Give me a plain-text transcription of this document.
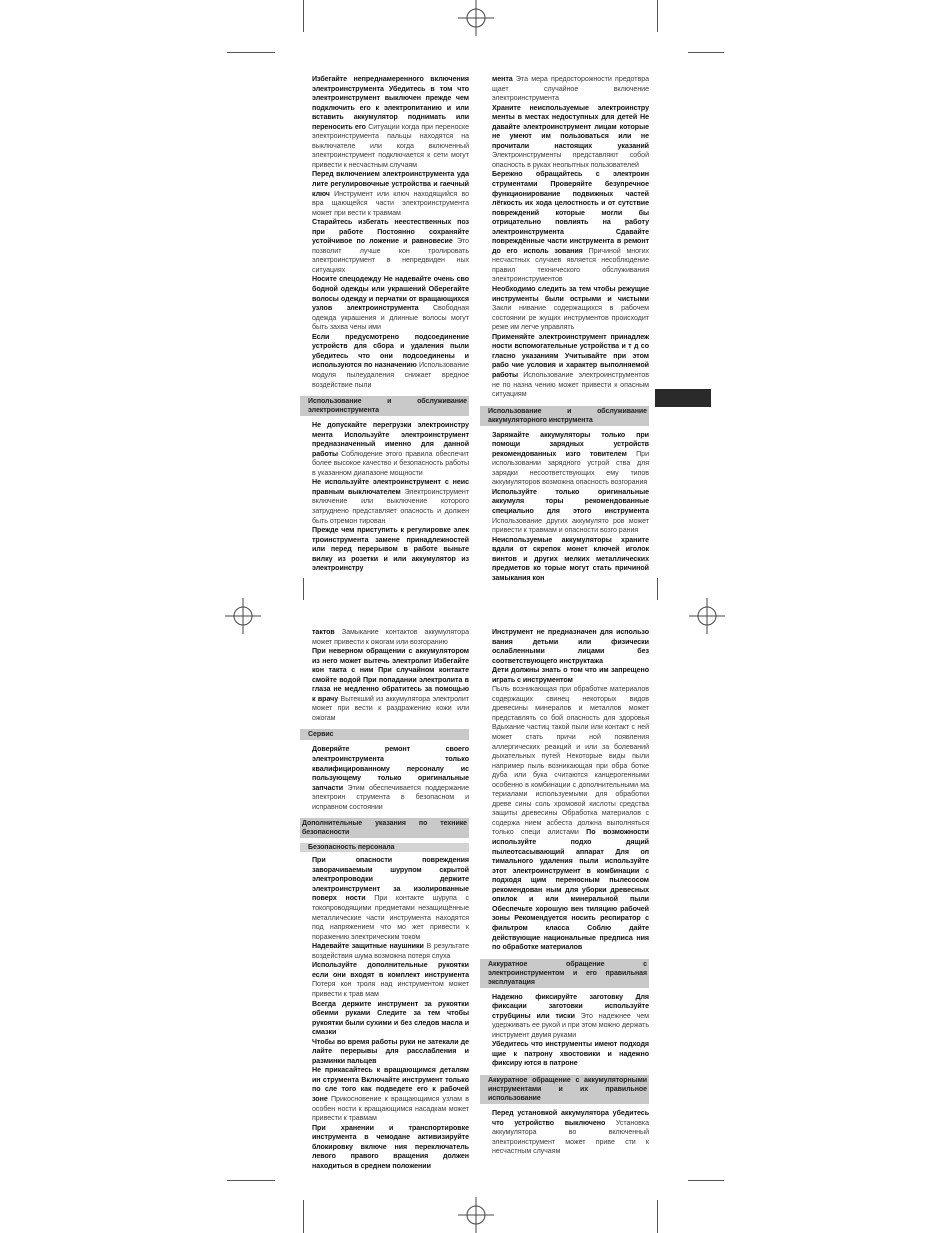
Избегайте непреднамеренного включения электроинструмента Убедитесь в том что электроинструмент выключен прежде чем подключить его к электропитанию и или вставить аккумулятор поднимать или переносить его Ситуации когда при переноске электроинструмента пальцы находятся на выключателе или когда включенный электроинструмент подключается к сети могут привести к несчастным случаям

Перед включением электроинструмента уда лите регулировочные устройства и гаечный ключ Инструмент или ключ находящийся во вра щающейся части электроинструмента может при вести к травмам

Старайтесь избегать неестественных поз при работе Постоянно сохраняйте устойчивое по ложение и равновесие Это позволит лучше кон тролировать электроинструмент в непредвиден ных ситуациях

Носите спецодежду Не надевайте очень сво бодной одежды или украшений Оберегайте волосы одежду и перчатки от вращающихся узлов электроинструмента Свободная одежда украшения и длинные волосы могут быть захва чены ими

Если предусмотрено подсоединение устройств для сбора и удаления пыли убедитесь что они подсоединены и используются по назначению Использование модуля пылеудаления снижает вредное воздействие пыли

Использование и обслуживание электроинструмента

Не допускайте перегрузки электроинстру мента Используйте электроинструмент предназначенный именно для данной работы Соблюдение этого правила обеспечит более высокое качество и безопасность работы в указанном диапазоне мощности

Не используйте электроинструмент с неис правным выключателем Электроинструмент включение или выключение которого затруднено представляет опасность и должен быть отремон тирован

Прежде чем приступить к регулировке элек троинструмента замене принадлежностей или перед перерывом в работе выньте вилку из розетки и или аккумулятор из электроинстру

мента Эта мера предосторожности предотвра щает случайное включение электроинструмента

Храните неиспользуемые электроинстру менты в местах недоступных для детей Не давайте электроинструмент лицам которые не умеют им пользоваться или не прочитали настоящих указаний Электроинструменты представляют собой опасность в руках неопытных пользователей

Бережно обращайтесь с электроин струментами Проверяйте безупречное функционирование подвижных частей лёгкость их хода целостность и от сутствие повреждений которые могли бы отрицательно повлиять на работу электроинструмента Сдавайте повреждённые части инструмента в ремонт до его исполь зования Причиной многих несчастных случаев является несоблюдение правил технического обслуживания электроинструментов

Необходимо следить за тем чтобы режущие инструменты были острыми и чистыми Закли нивание содержащихся в рабочем состоянии ре жущих инструментов происходит реже им легче управлять

Применяйте электроинструмент принадлеж ности вспомогательные устройства и т д со гласно указаниям Учитывайте при этом рабо чие условия и характер выполняемой работы Использование электроинструментов не по назна чению может привести к опасным ситуациям

Использование и обслуживание аккумуляторного инструмента

Заряжайте аккумуляторы только при помощи зарядных устройств рекомендованных изго товителем При использовании зарядного устрой ства для зарядки несоответствующих ему типов аккумуляторов возможна опасность возгорания

Используйте только оригинальные аккумуля торы рекомендованные специально для этого инструмента Использование других аккумулято ров может привести к травмам и опасности возго рания

Неиспользуемые аккумуляторы храните вдали от скрепок монет ключей иголок винтов и других мелких металлических предметов ко торые могут стать причиной замыкания кон

тактов Замыкание контактов аккумулятора может привести к ожогам или возгоранию

При неверном обращении с аккумулятором из него может вытечь электролит Избегайте кон такта с ним При случайном контакте смойте водой При попадании электролита в глаза не медленно обратитесь за помощью к врачу Вытекший из аккумулятора электролит может при вести к раздражению кожи или ожогам

Сервис

Доверяйте ремонт своего электроинструмента только квалифицированному персоналу ис пользующему только оригинальные запчасти Этим обеспечивается поддержание электроин струмента в безопасном и исправном состоянии

Дополнительные указания по технике безопасности
Безопасность персонала

При опасности повреждения заворачиваемым шурупом скрытой электропроводки держите электроинструмент за изолированные поверх ности При контакте шурупа с токопроводящими предметами незащищённые металлические части инструмента находятся под напряжением что мо жет привести к поражению электрическим током

Надевайте защитные наушники В результате воздействия шума возможна потеря слуха

Используйте дополнительные рукоятки если они входят в комплект инструмента Потеря кон троля над инструментом может привести к трав мам

Всегда держите инструмент за рукоятки обеими руками Следите за тем чтобы рукоятки были сухими и без следов масла и смазки

Чтобы во время работы руки не затекали де лайте перерывы для расслабления и разминки пальцев

Не прикасайтесь к вращающимся деталям ин струмента Включайте инструмент только по сле того как подведете его к рабочей зоне Прикосновение к вращающимся узлам в особен ности к вращающимся насадкам может привести к травмам

При хранении и транспортировке инструмента в чемодане активизируйте блокировку включе ния переключатель левого правого вращения должен находиться в среднем положении

Инструмент не предназначен для использо вания детьми или физически ослабленными лицами без соответствующего инструктажа

Дети должны знать о том что им запрещено играть с инструментом

Пыль возникающая при обработке материалов содержащих свинец некоторых видов древесины минералов и металлов может представлять со бой опасность для здоровья Вдыхание частиц такой пыли или контакт с ней может стать причи ной появления аллергических реакций и или за болеваний дыхательных путей Некоторые виды пыли например пыль возникающая при обра ботке дуба или бука считаются канцерогенными особенно в комбинации с дополнительными ма териалами используемыми для обработки древе сины соль хромовой кислоты средства защиты древесины Обработка материалов с содержа нием асбеста должна выполняться только специ алистами По возможности используйте подхо дящий пылеотсасывающий аппарат Для оп тимального удаления пыли используйте этот электроинструмент в комбинации с подходя щим переносным пылесосом рекомендован ным для уборки древесных опилок и или минеральной пыли Обеспечьте хорошую вен тиляцию рабочей зоны Рекомендуется носить респиратор с фильтром класса Соблю дайте действующие национальные предписа ния по обработке материалов

Аккуратное обращение с электроинструментом и его правильная эксплуатация

Надежно фиксируйте заготовку Для фиксации заготовки используйте струбцины или тиски Это надежнее чем удерживать ее рукой и при этом можно держать инструмент двумя руками

Убедитесь что инструменты имеют подходя щие к патрону хвостовики и надежно фиксиру ются в патроне

Аккуратное обращение с аккумуляторными инструментами и их правильное использование

Перед установкой аккумулятора убедитесь что устройство выключено Установка аккумулятора во включенный электроинструмент может приве сти к несчастным случаям
